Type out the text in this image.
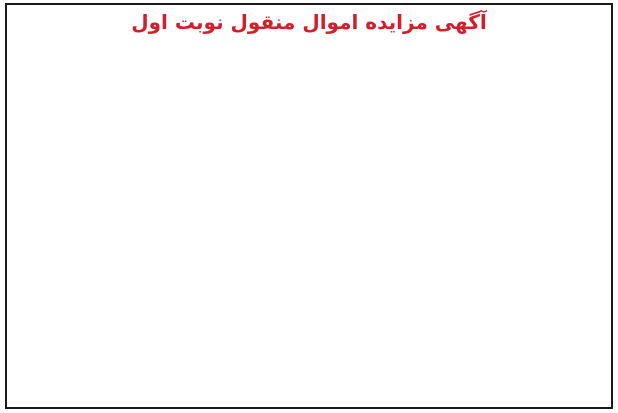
آگهی مزایده اموال منقول نوبت اول
